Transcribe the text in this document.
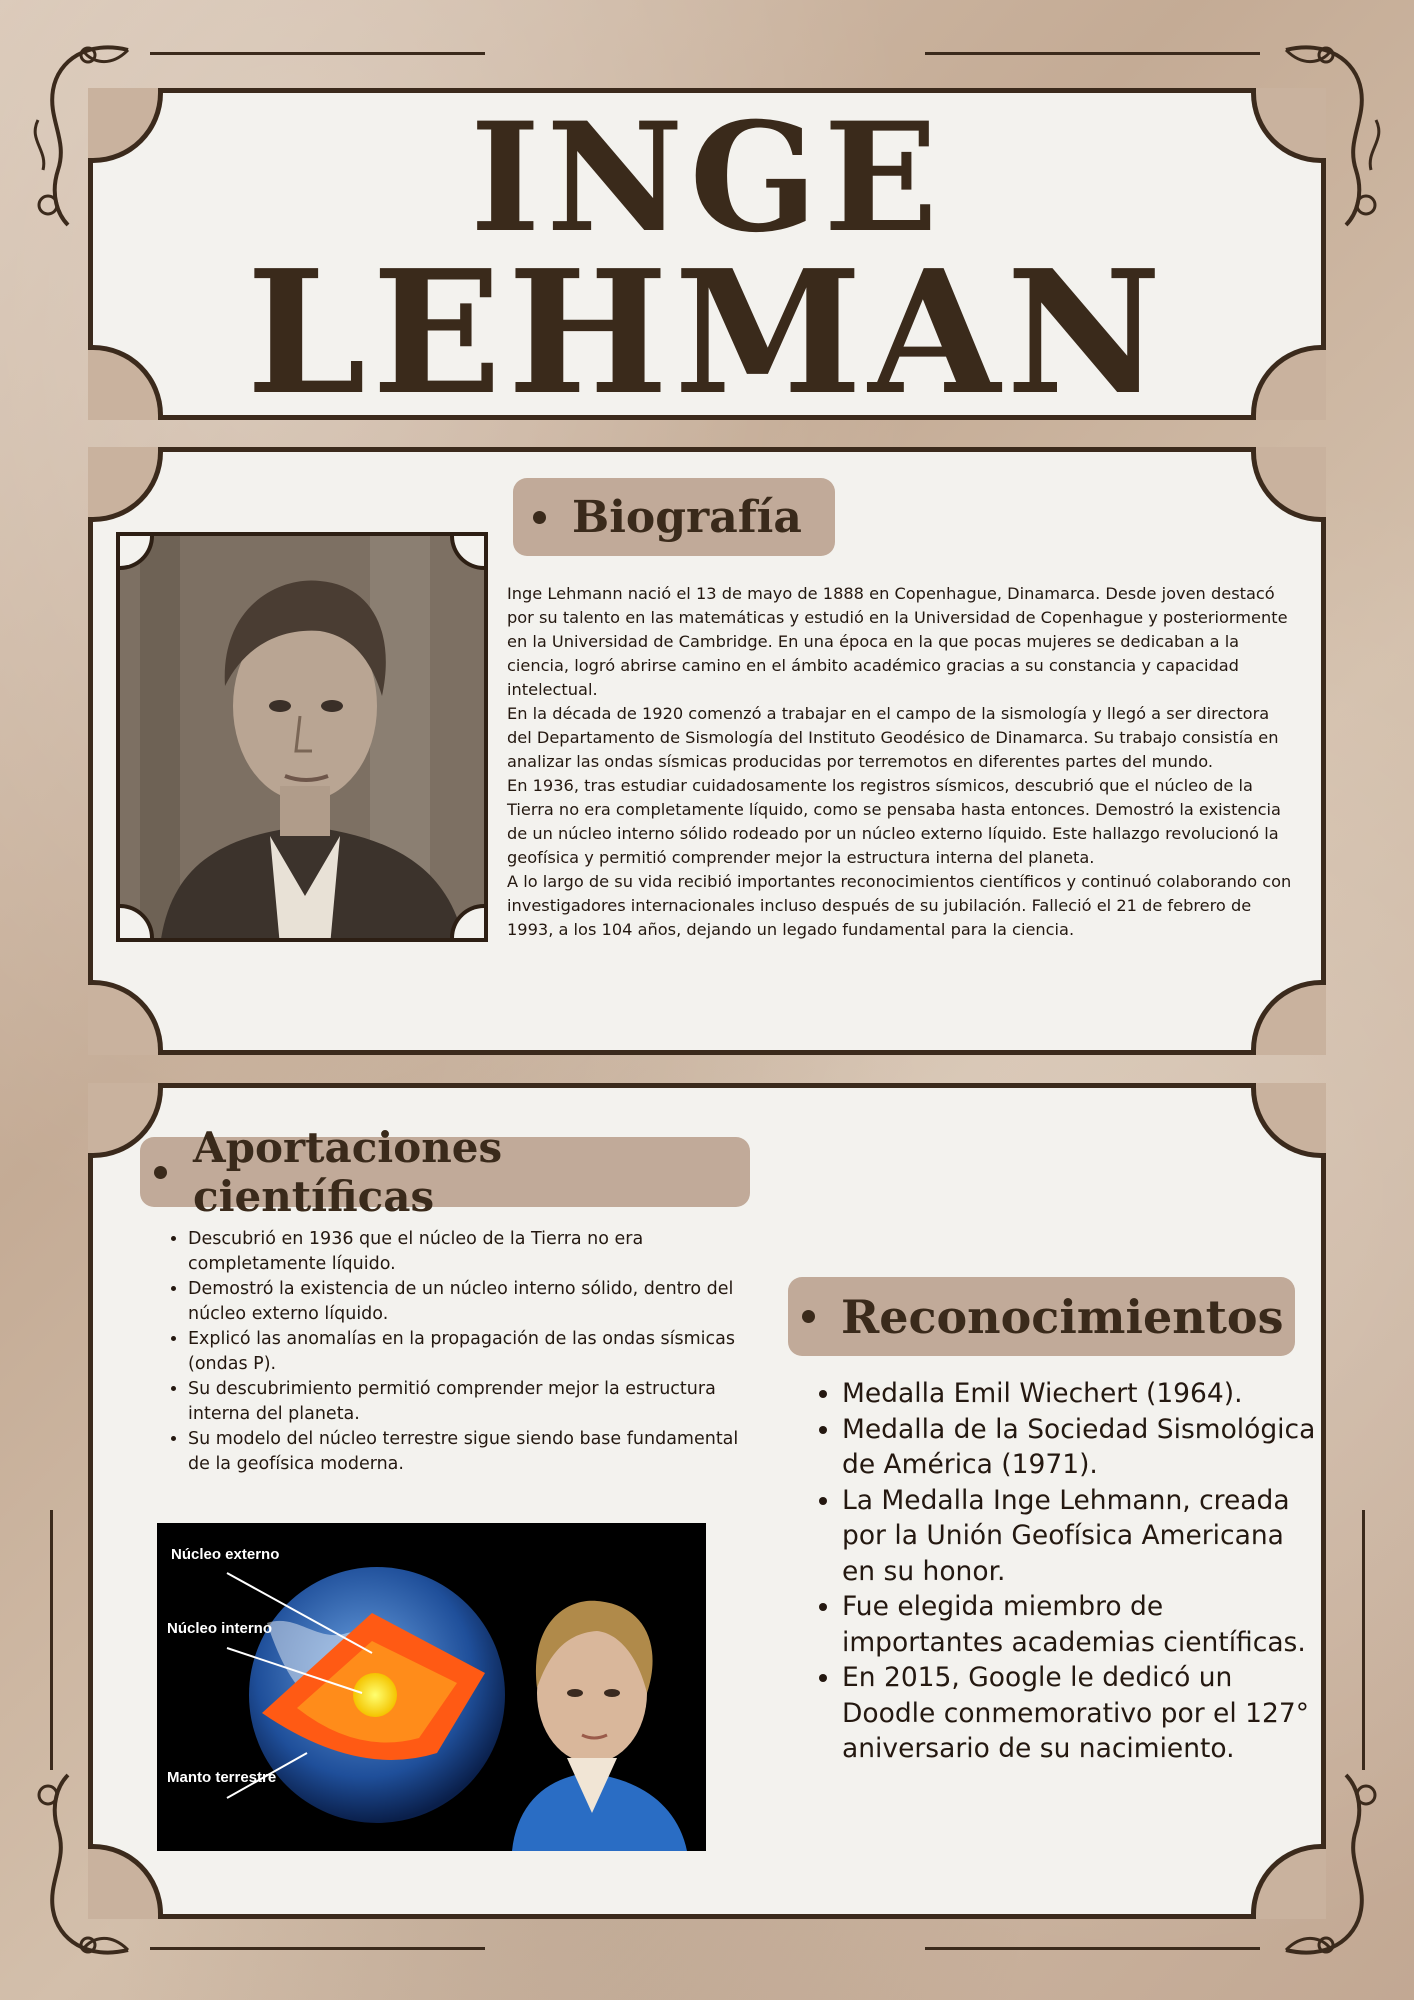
INGE
LEHMAN
Biografía

Inge Lehmann nació el 13 de mayo de 1888 en Copenhague, Dinamarca. Desde joven destacó por su talento en las matemáticas y estudió en la Universidad de Copenhague y posteriormente en la Universidad de Cambridge. En una época en la que pocas mujeres se dedicaban a la ciencia, logró abrirse camino en el ámbito académico gracias a su constancia y capacidad intelectual.

En la década de 1920 comenzó a trabajar en el campo de la sismología y llegó a ser directora del Departamento de Sismología del Instituto Geodésico de Dinamarca. Su trabajo consistía en analizar las ondas sísmicas producidas por terremotos en diferentes partes del mundo.

En 1936, tras estudiar cuidadosamente los registros sísmicos, descubrió que el núcleo de la Tierra no era completamente líquido, como se pensaba hasta entonces. Demostró la existencia de un núcleo interno sólido rodeado por un núcleo externo líquido. Este hallazgo revolucionó la geofísica y permitió comprender mejor la estructura interna del planeta.

A lo largo de su vida recibió importantes reconocimientos científicos y continuó colaborando con investigadores internacionales incluso después de su jubilación. Falleció el 21 de febrero de 1993, a los 104 años, dejando un legado fundamental para la ciencia.

Aportaciones científicas
• Descubrió en 1936 que el núcleo de la Tierra no era completamente líquido.
• Demostró la existencia de un núcleo interno sólido, dentro del núcleo externo líquido.
• Explicó las anomalías en la propagación de las ondas sísmicas (ondas P).
• Su descubrimiento permitió comprender mejor la estructura interna del planeta.
• Su modelo del núcleo terrestre sigue siendo base fundamental de la geofísica moderna.
Reconocimientos
• Medalla Emil Wiechert (1964).
• Medalla de la Sociedad Sismológica de América (1971).
• La Medalla Inge Lehmann, creada por la Unión Geofísica Americana en su honor.
• Fue elegida miembro de importantes academias científicas.
• En 2015, Google le dedicó un Doodle conmemorativo por el 127° aniversario de su nacimiento.
Núcleo externo
Núcleo interno
Manto terrestre
